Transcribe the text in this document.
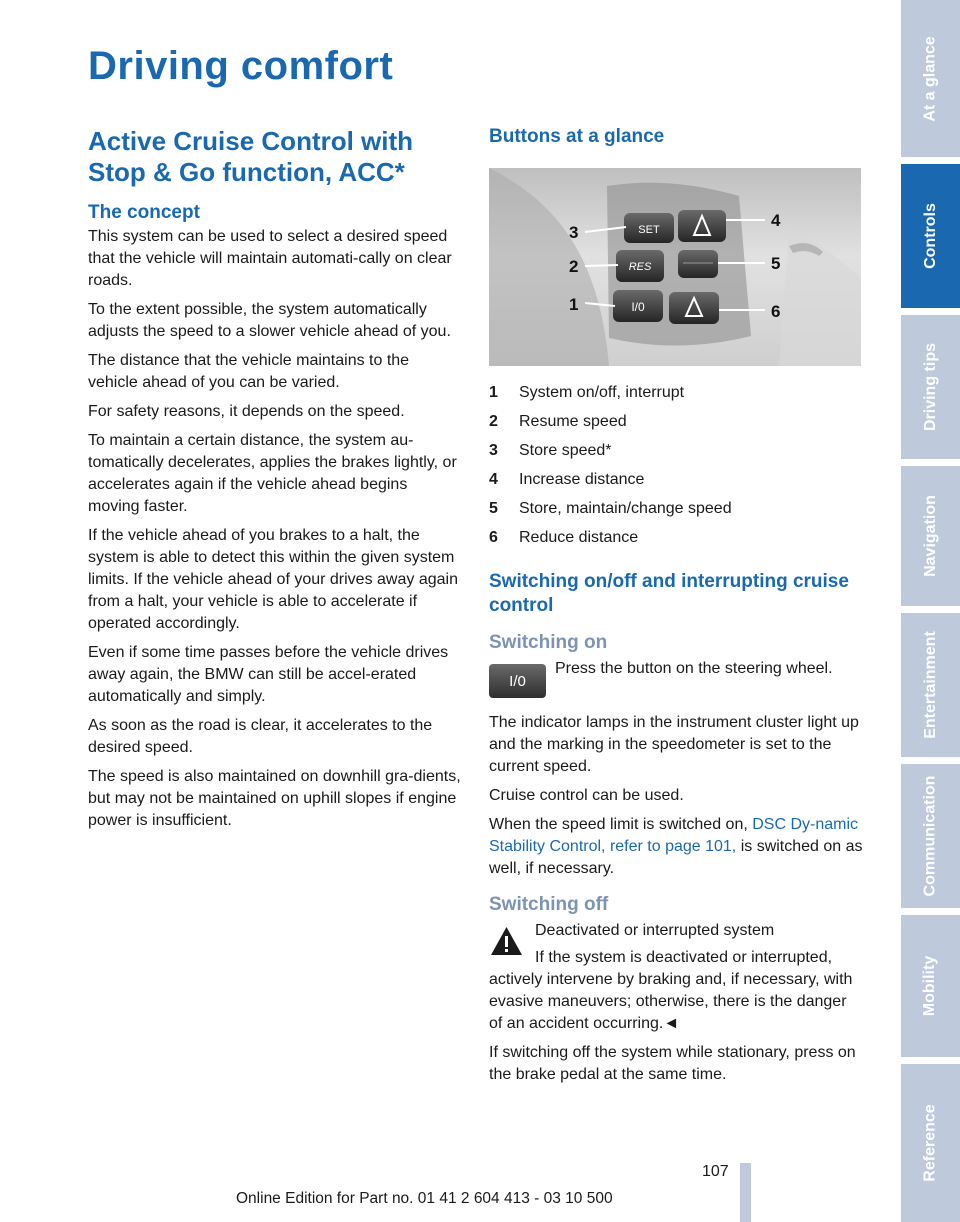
Driving comfort
Active Cruise Control with Stop & Go function, ACC*
The concept

This system can be used to select a desired speed that the vehicle will maintain automati-cally on clear roads.

To the extent possible, the system automatically adjusts the speed to a slower vehicle ahead of you.

The distance that the vehicle maintains to the vehicle ahead of you can be varied.

For safety reasons, it depends on the speed.

To maintain a certain distance, the system au-tomatically decelerates, applies the brakes lightly, or accelerates again if the vehicle ahead begins moving faster.

If the vehicle ahead of you brakes to a halt, the system is able to detect this within the given system limits. If the vehicle ahead of your drives away again from a halt, your vehicle is able to accelerate if operated accordingly.

Even if some time passes before the vehicle drives away again, the BMW can still be accel-erated automatically and simply.

As soon as the road is clear, it accelerates to the desired speed.

The speed is also maintained on downhill gra-dients, but may not be maintained on uphill slopes if engine power is insufficient.

Buttons at a glance
SET
RES
I/0
3
2
1
4
5
6
1	System on/off, interrupt
2	Resume speed
3	Store speed*
4	Increase distance
5	Store, maintain/change speed
6	Reduce distance
Switching on/off and interrupting cruise control
Switching on
I/0

Press the button on the steering wheel.

The indicator lamps in the instrument cluster light up and the marking in the speedometer is set to the current speed.

Cruise control can be used.

When the speed limit is switched on, DSC Dy-namic Stability Control, refer to page 101, is switched on as well, if necessary.

Switching off

Deactivated or interrupted system

If the system is deactivated or interrupted, actively intervene by braking and, if necessary, with evasive maneuvers; otherwise, there is the danger of an accident occurring.◄

If switching off the system while stationary, press on the brake pedal at the same time.

At a glance
Controls
Driving tips
Navigation
Entertainment
Communication
Mobility
Reference
107
Online Edition for Part no. 01 41 2 604 413 - 03 10 500
